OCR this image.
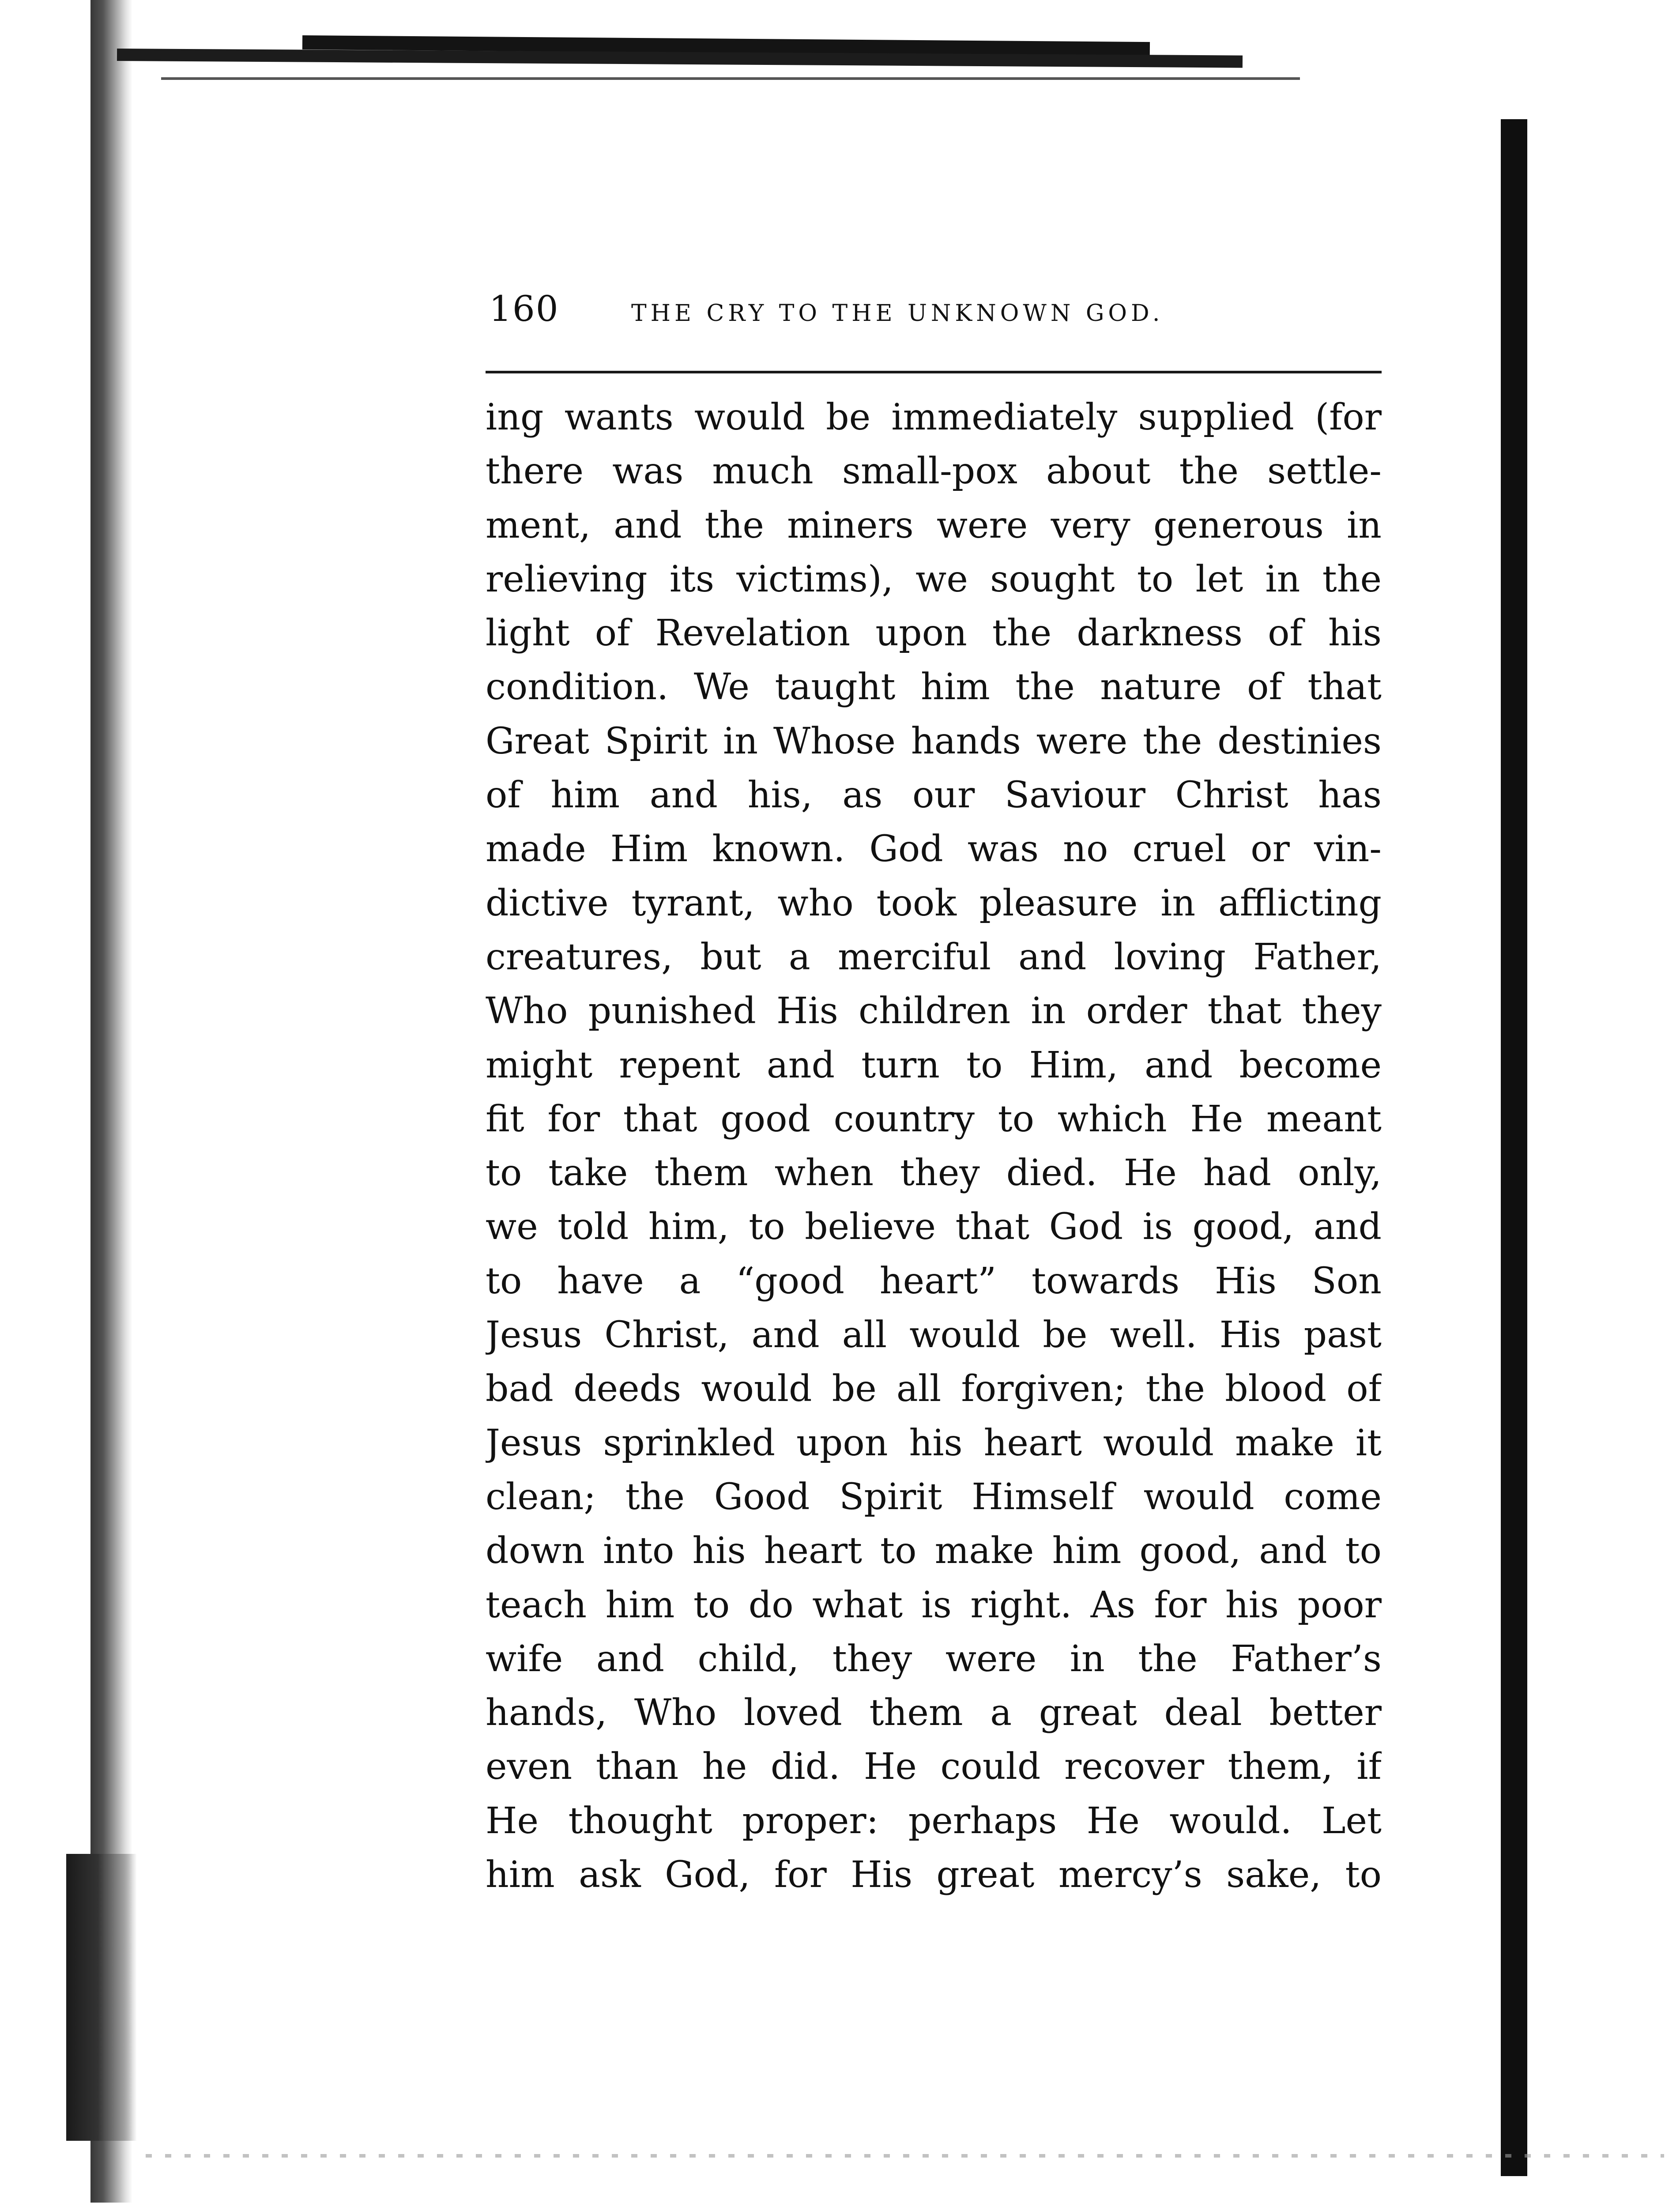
160	THE CRY TO THE UNKNOWN GOD.
ing wants would be immediately supplied (for
there was much small-pox about the settle-
ment, and the miners were very generous in
relieving its victims), we sought to let in the
light of Revelation upon the darkness of his
condition. We taught him the nature of that
Great Spirit in Whose hands were the destinies
of him and his, as our Saviour Christ has
made Him known. God was no cruel or vin-
dictive tyrant, who took pleasure in afflicting
creatures, but a merciful and loving Father,
Who punished His children in order that they
might repent and turn to Him, and become
fit for that good country to which He meant
to take them when they died. He had only,
we told him, to believe that God is good, and
to have a “good heart” towards His Son
Jesus Christ, and all would be well. His past
bad deeds would be all forgiven; the blood of
Jesus sprinkled upon his heart would make it
clean; the Good Spirit Himself would come
down into his heart to make him good, and to
teach him to do what is right. As for his poor
wife and child, they were in the Father’s
hands, Who loved them a great deal better
even than he did. He could recover them, if
He thought proper: perhaps He would. Let
him ask God, for His great mercy’s sake, to
